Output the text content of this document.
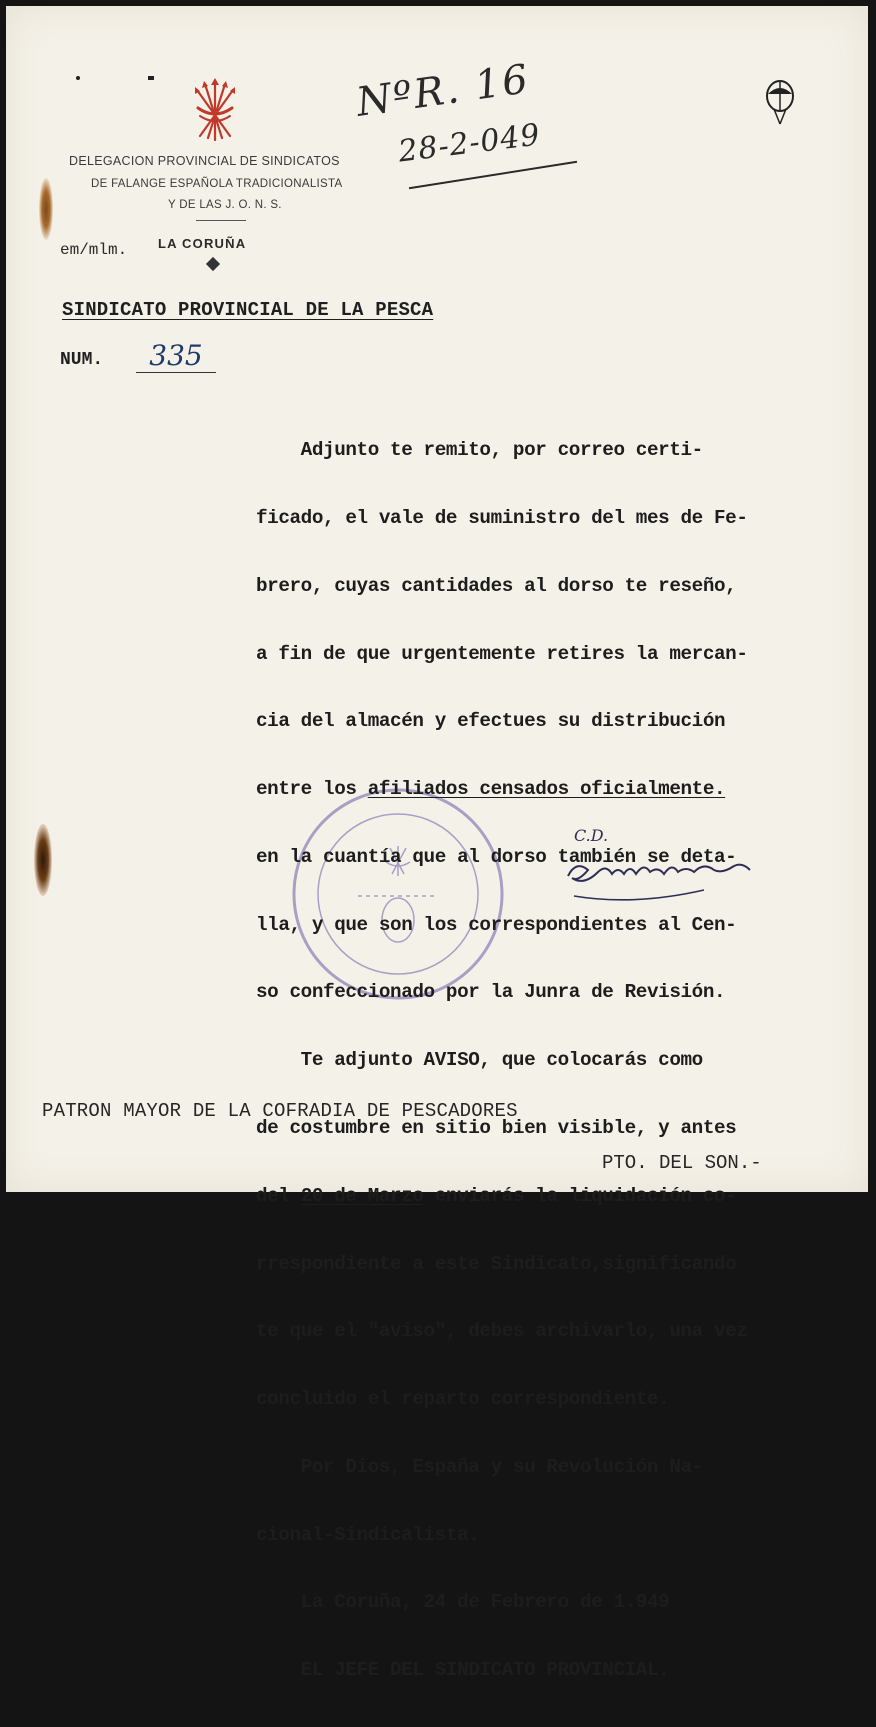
DELEGACION PROVINCIAL DE SINDICATOS
DE FALANGE ESPAÑOLA TRADICIONALISTA
Y DE LAS J. O. N. S.
em/mlm. LA CORUÑA
NºR. 16
28-2-049
SINDICATO PROVINCIAL DE LA PESCA
NUM.	335

Adjunto te remito, por correo certi-

ficado, el vale de suministro del mes de Fe-

brero, cuyas cantidades al dorso te reseño,

a fin de que urgentemente retires la mercan-

cia del almacén y efectues su distribución

entre los afiliados censados oficialmente.

en la cuantía que al dorso también se deta-

lla, y que son los correspondientes al Cen-

so confeccionado por la Junra de Revisión.

Te adjunto AVISO, que colocarás como

de costumbre en sitio bien visible, y antes

del 20 de Marzo enviarás la liquidación co-

rrespondiente a este Sindicato,significando

te que el "aviso", debes archivarlo, una vez

concluido el reparto correspondiente.

Por Dios, España y su Revolución Na-

cional-Sindicalista.

La Coruña, 24 de Febrero de 1.949

EL JEFE DEL SINDICATO PROVINCIAL.

C.D.
PATRON MAYOR DE LA COFRADIA DE PESCADORES
PTO. DEL SON.-
